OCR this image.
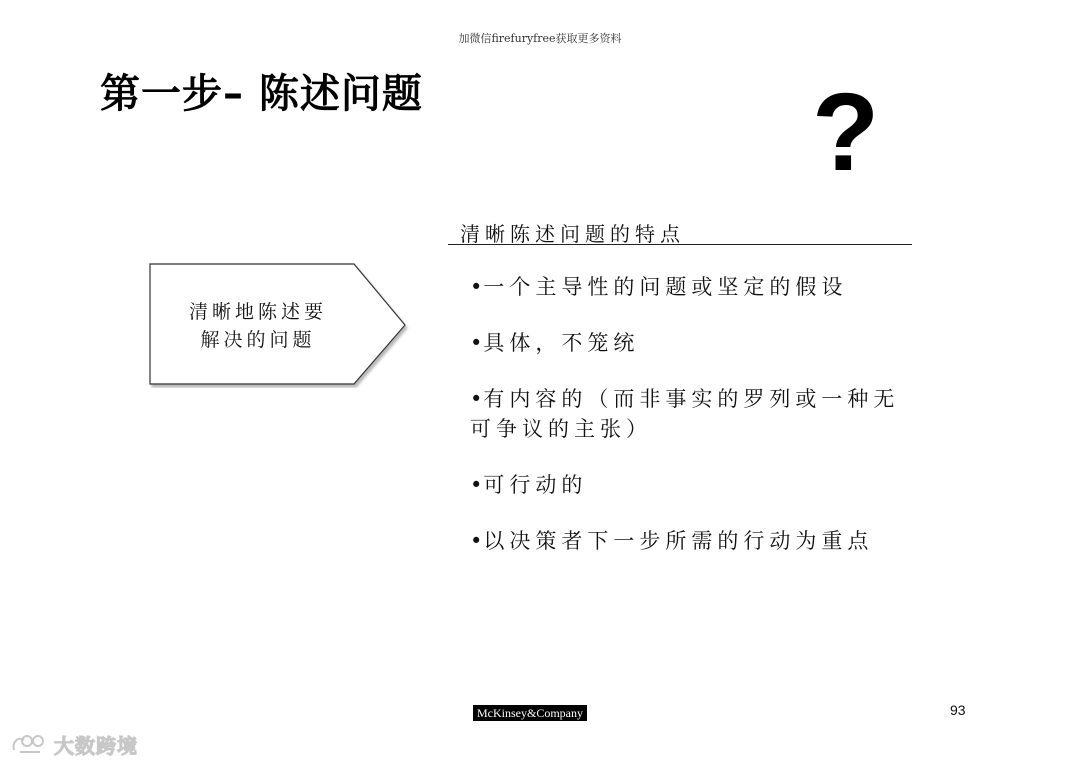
加微信firefuryfree获取更多资料
第一步– 陈述问题	?
清晰地陈述要
解决的问题
清晰陈述问题的特点
•一个主导性的问题或坚定的假设
•具体，不笼统
•有内容的（而非事实的罗列或一种无可争议的主张）
•可行动的
•以决策者下一步所需的行动为重点
McKinsey&Company	93
大数跨境
